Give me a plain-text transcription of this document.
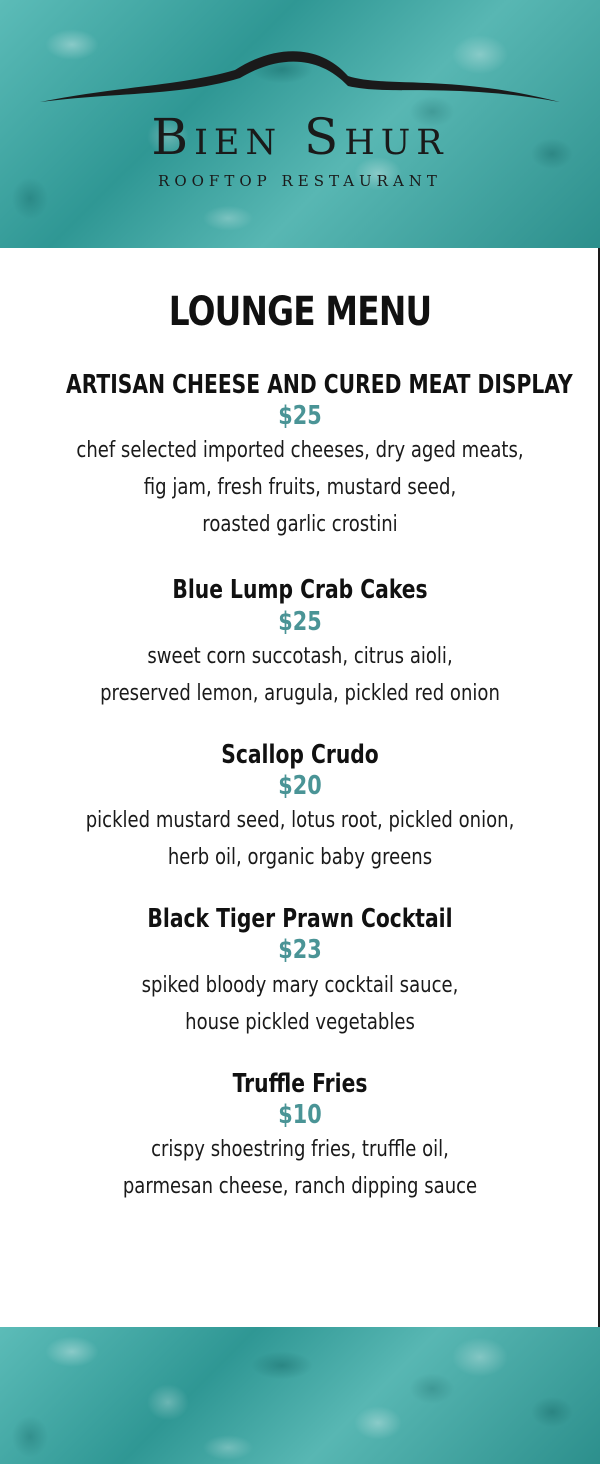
Bien Shur
ROOFTOP RESTAURANT
LOUNGE MENU
ARTISAN CHEESE AND CURED MEAT DISPLAY
$25
chef selected imported cheeses, dry aged meats,
fig jam, fresh fruits, mustard seed,
roasted garlic crostini
Blue Lump Crab Cakes
$25
sweet corn succotash, citrus aioli,
preserved lemon, arugula, pickled red onion
Scallop Crudo
$20
pickled mustard seed, lotus root, pickled onion,
herb oil, organic baby greens
Black Tiger Prawn Cocktail
$23
spiked bloody mary cocktail sauce,
house pickled vegetables
Truffle Fries
$10
crispy shoestring fries, truffle oil,
parmesan cheese, ranch dipping sauce
